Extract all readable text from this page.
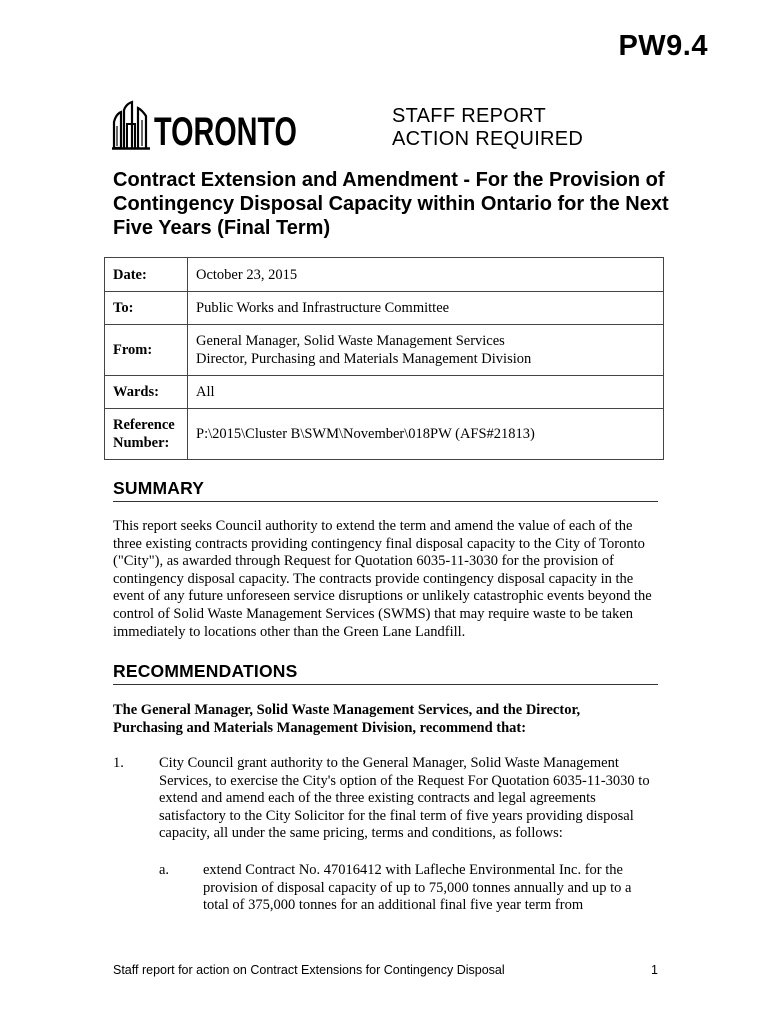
PW9.4
TORONTO	STAFF REPORT
ACTION REQUIRED
Contract Extension and Amendment - For the Provision of Contingency Disposal Capacity within Ontario for the Next Five Years (Final Term)
Date:	October 23, 2015
To:	Public Works and Infrastructure Committee
From:	General Manager, Solid Waste Management Services
Director, Purchasing and Materials Management Division

Wards:	All

Reference
Number:	P:\2015\Cluster B\SWM\November\018PW (AFS#21813)
SUMMARY
This report seeks Council authority to extend the term and amend the value of each of the three existing contracts providing contingency final disposal capacity to the City of Toronto ("City"), as awarded through Request for Quotation 6035-11-3030 for the provision of contingency disposal capacity. The contracts provide contingency disposal capacity in the event of any future unforeseen service disruptions or unlikely catastrophic events beyond the control of Solid Waste Management Services (SWMS) that may require waste to be taken immediately to locations other than the Green Lane Landfill.
RECOMMENDATIONS
The General Manager, Solid Waste Management Services, and the Director, Purchasing and Materials Management Division, recommend that:
1.	City Council grant authority to the General Manager, Solid Waste Management Services, to exercise the City's option of the Request For Quotation 6035-11-3030 to extend and amend each of the three existing contracts and legal agreements satisfactory to the City Solicitor for the final term of five years providing disposal capacity, all under the same pricing, terms and conditions, as follows:
a.	extend Contract No. 47016412 with Lafleche Environmental Inc. for the provision of disposal capacity of up to 75,000 tonnes annually and up to a total of 375,000 tonnes for an additional final five year term from
Staff report for action on Contract Extensions for Contingency Disposal	1
